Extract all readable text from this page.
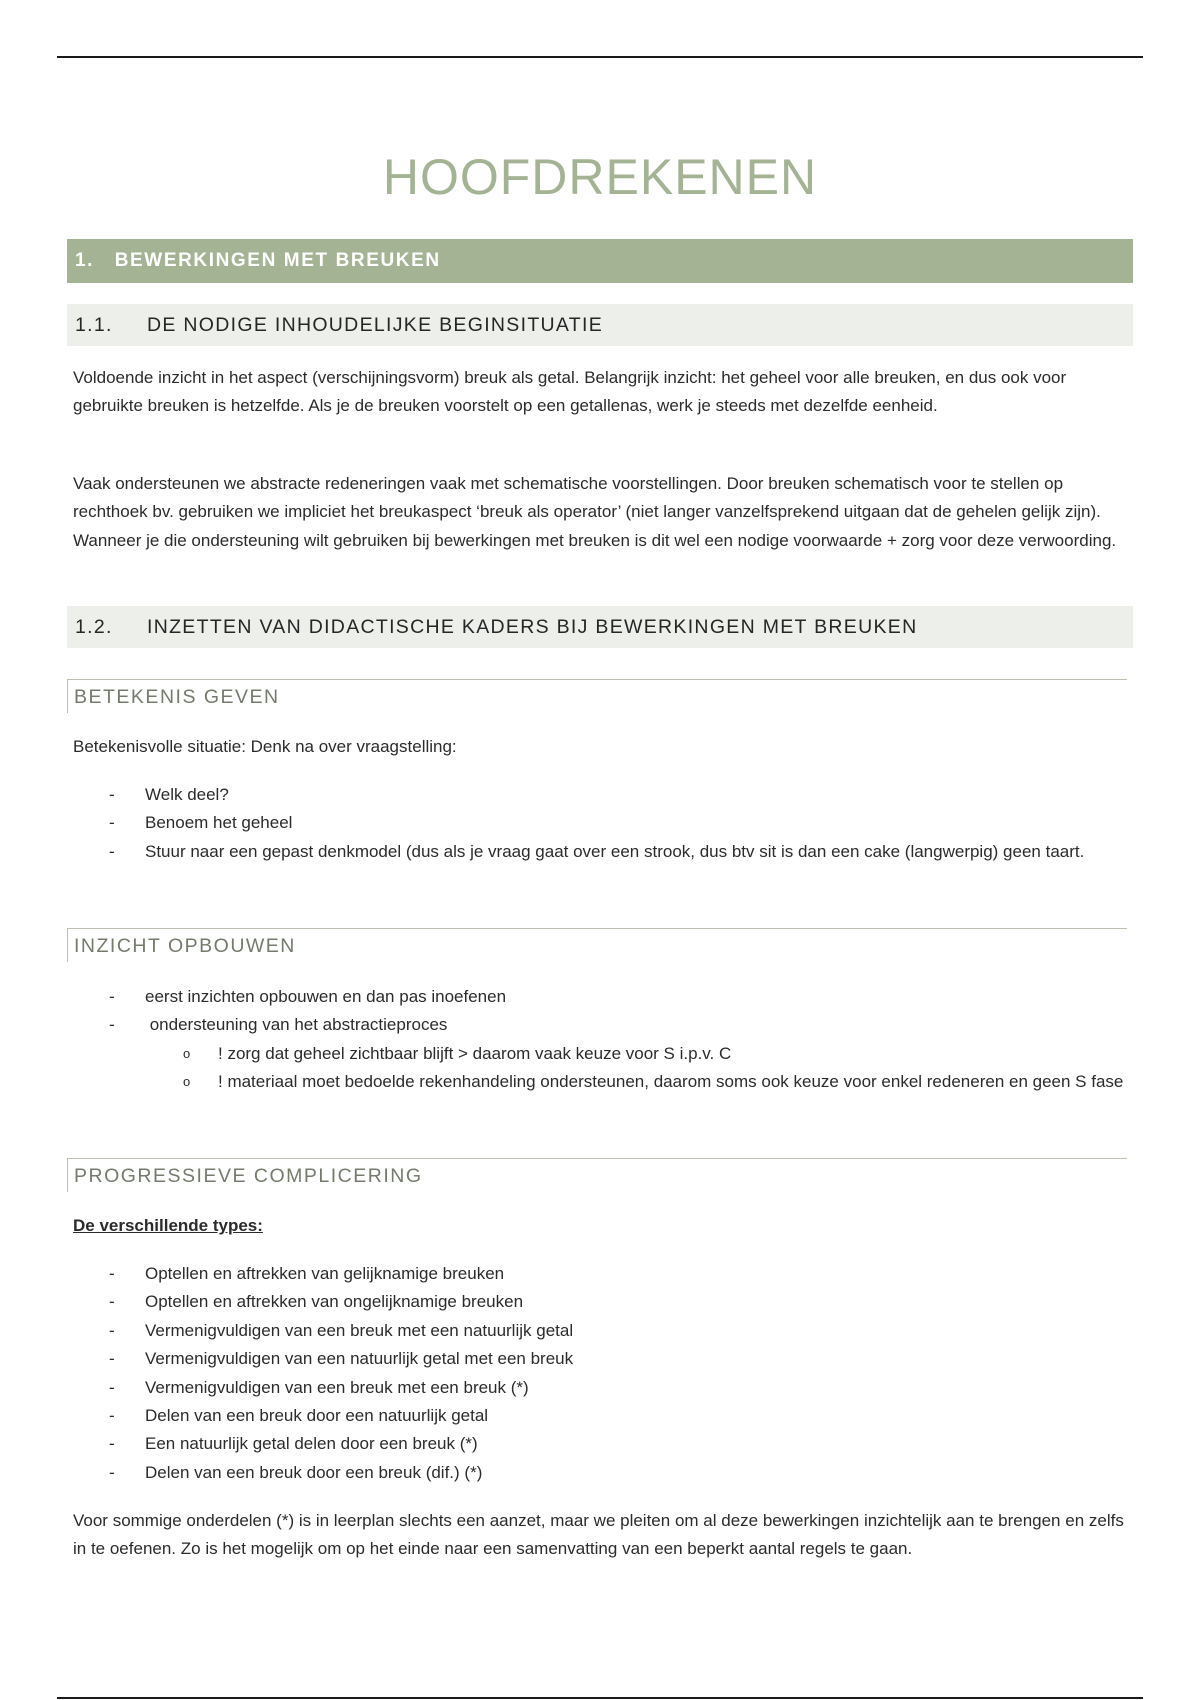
HOOFDREKENEN
1. BEWERKINGEN MET BREUKEN
1.1. DE NODIGE INHOUDELIJKE BEGINSITUATIE
Voldoende inzicht in het aspect (verschijningsvorm) breuk als getal. Belangrijk inzicht: het geheel voor alle breuken, en dus ook voor gebruikte breuken is hetzelfde. Als je de breuken voorstelt op een getallenas, werk je steeds met dezelfde eenheid.
Vaak ondersteunen we abstracte redeneringen vaak met schematische voorstellingen. Door breuken schematisch voor te stellen op rechthoek bv. gebruiken we impliciet het breukaspect ‘breuk als operator’ (niet langer vanzelfsprekend uitgaan dat de gehelen gelijk zijn). Wanneer je die ondersteuning wilt gebruiken bij bewerkingen met breuken is dit wel een nodige voorwaarde + zorg voor deze verwoording.
1.2. INZETTEN VAN DIDACTISCHE KADERS BIJ BEWERKINGEN MET BREUKEN
BETEKENIS GEVEN
Betekenisvolle situatie: Denk na over vraagstelling:
- Welk deel?
- Benoem het geheel
- Stuur naar een gepast denkmodel (dus als je vraag gaat over een strook, dus btv sit is dan een cake (langwerpig) geen taart.
INZICHT OPBOUWEN
- eerst inzichten opbouwen en dan pas inoefenen
- ondersteuning van het abstractieproces
o ! zorg dat geheel zichtbaar blijft > daarom vaak keuze voor S i.p.v. C
o ! materiaal moet bedoelde rekenhandeling ondersteunen, daarom soms ook keuze voor enkel redeneren en geen S fase
PROGRESSIEVE COMPLICERING
De verschillende types:
- Optellen en aftrekken van gelijknamige breuken
- Optellen en aftrekken van ongelijknamige breuken
- Vermenigvuldigen van een breuk met een natuurlijk getal
- Vermenigvuldigen van een natuurlijk getal met een breuk
- Vermenigvuldigen van een breuk met een breuk (*)
- Delen van een breuk door een natuurlijk getal
- Een natuurlijk getal delen door een breuk (*)
- Delen van een breuk door een breuk (dif.) (*)
Voor sommige onderdelen (*) is in leerplan slechts een aanzet, maar we pleiten om al deze bewerkingen inzichtelijk aan te brengen en zelfs in te oefenen. Zo is het mogelijk om op het einde naar een samenvatting van een beperkt aantal regels te gaan.
